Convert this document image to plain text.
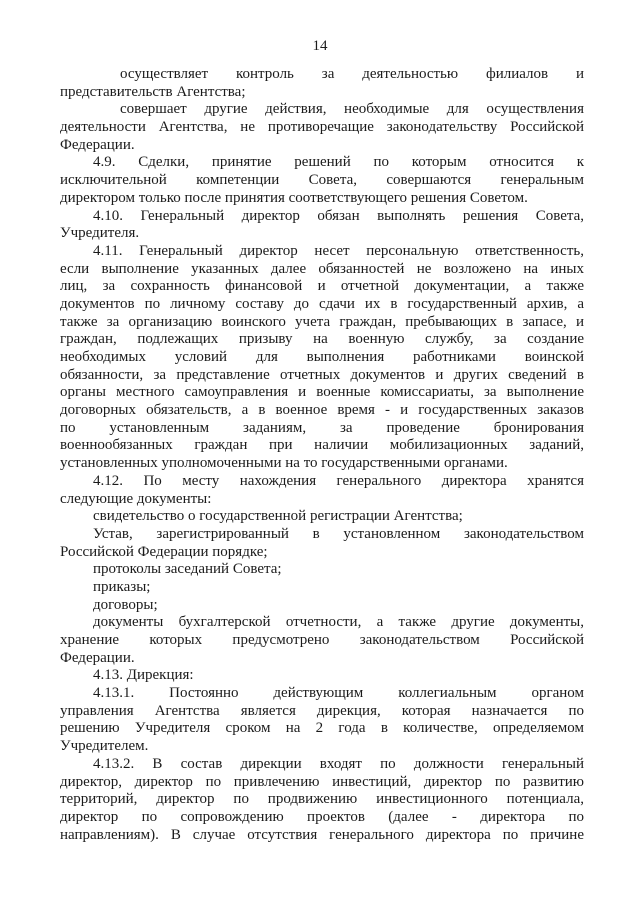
14
осуществляет контроль за деятельностью филиалов и
представительств Агентства;
совершает другие действия, необходимые для осуществления
деятельности Агентства, не противоречащие законодательству Российской
Федерации.
4.9. Сделки, принятие решений по которым относится к
исключительной компетенции Совета, совершаются генеральным
директором только после принятия соответствующего решения Советом.
4.10. Генеральный директор обязан выполнять решения Совета,
Учредителя.
4.11. Генеральный директор несет персональную ответственность,
если выполнение указанных далее обязанностей не возложено на иных
лиц, за сохранность финансовой и отчетной документации, а также
документов по личному составу до сдачи их в государственный архив, а
также за организацию воинского учета граждан, пребывающих в запасе, и
граждан, подлежащих призыву на военную службу, за создание
необходимых условий для выполнения работниками воинской
обязанности, за представление отчетных документов и других сведений в
органы местного самоуправления и военные комиссариаты, за выполнение
договорных обязательств, а в военное время - и государственных заказов
по установленным заданиям, за проведение бронирования
военнообязанных граждан при наличии мобилизационных заданий,
установленных уполномоченными на то государственными органами.
4.12. По месту нахождения генерального директора хранятся
следующие документы:
свидетельство о государственной регистрации Агентства;
Устав, зарегистрированный в установленном законодательством
Российской Федерации порядке;
протоколы заседаний Совета;
приказы;
договоры;
документы бухгалтерской отчетности, а также другие документы,
хранение которых предусмотрено законодательством Российской
Федерации.
4.13. Дирекция:
4.13.1. Постоянно действующим коллегиальным органом
управления Агентства является дирекция, которая назначается по
решению Учредителя сроком на 2 года в количестве, определяемом
Учредителем.
4.13.2. В состав дирекции входят по должности генеральный
директор, директор по привлечению инвестиций, директор по развитию
территорий, директор по продвижению инвестиционного потенциала,
директор по сопровождению проектов (далее - директора по
направлениям). В случае отсутствия генерального директора по причине
